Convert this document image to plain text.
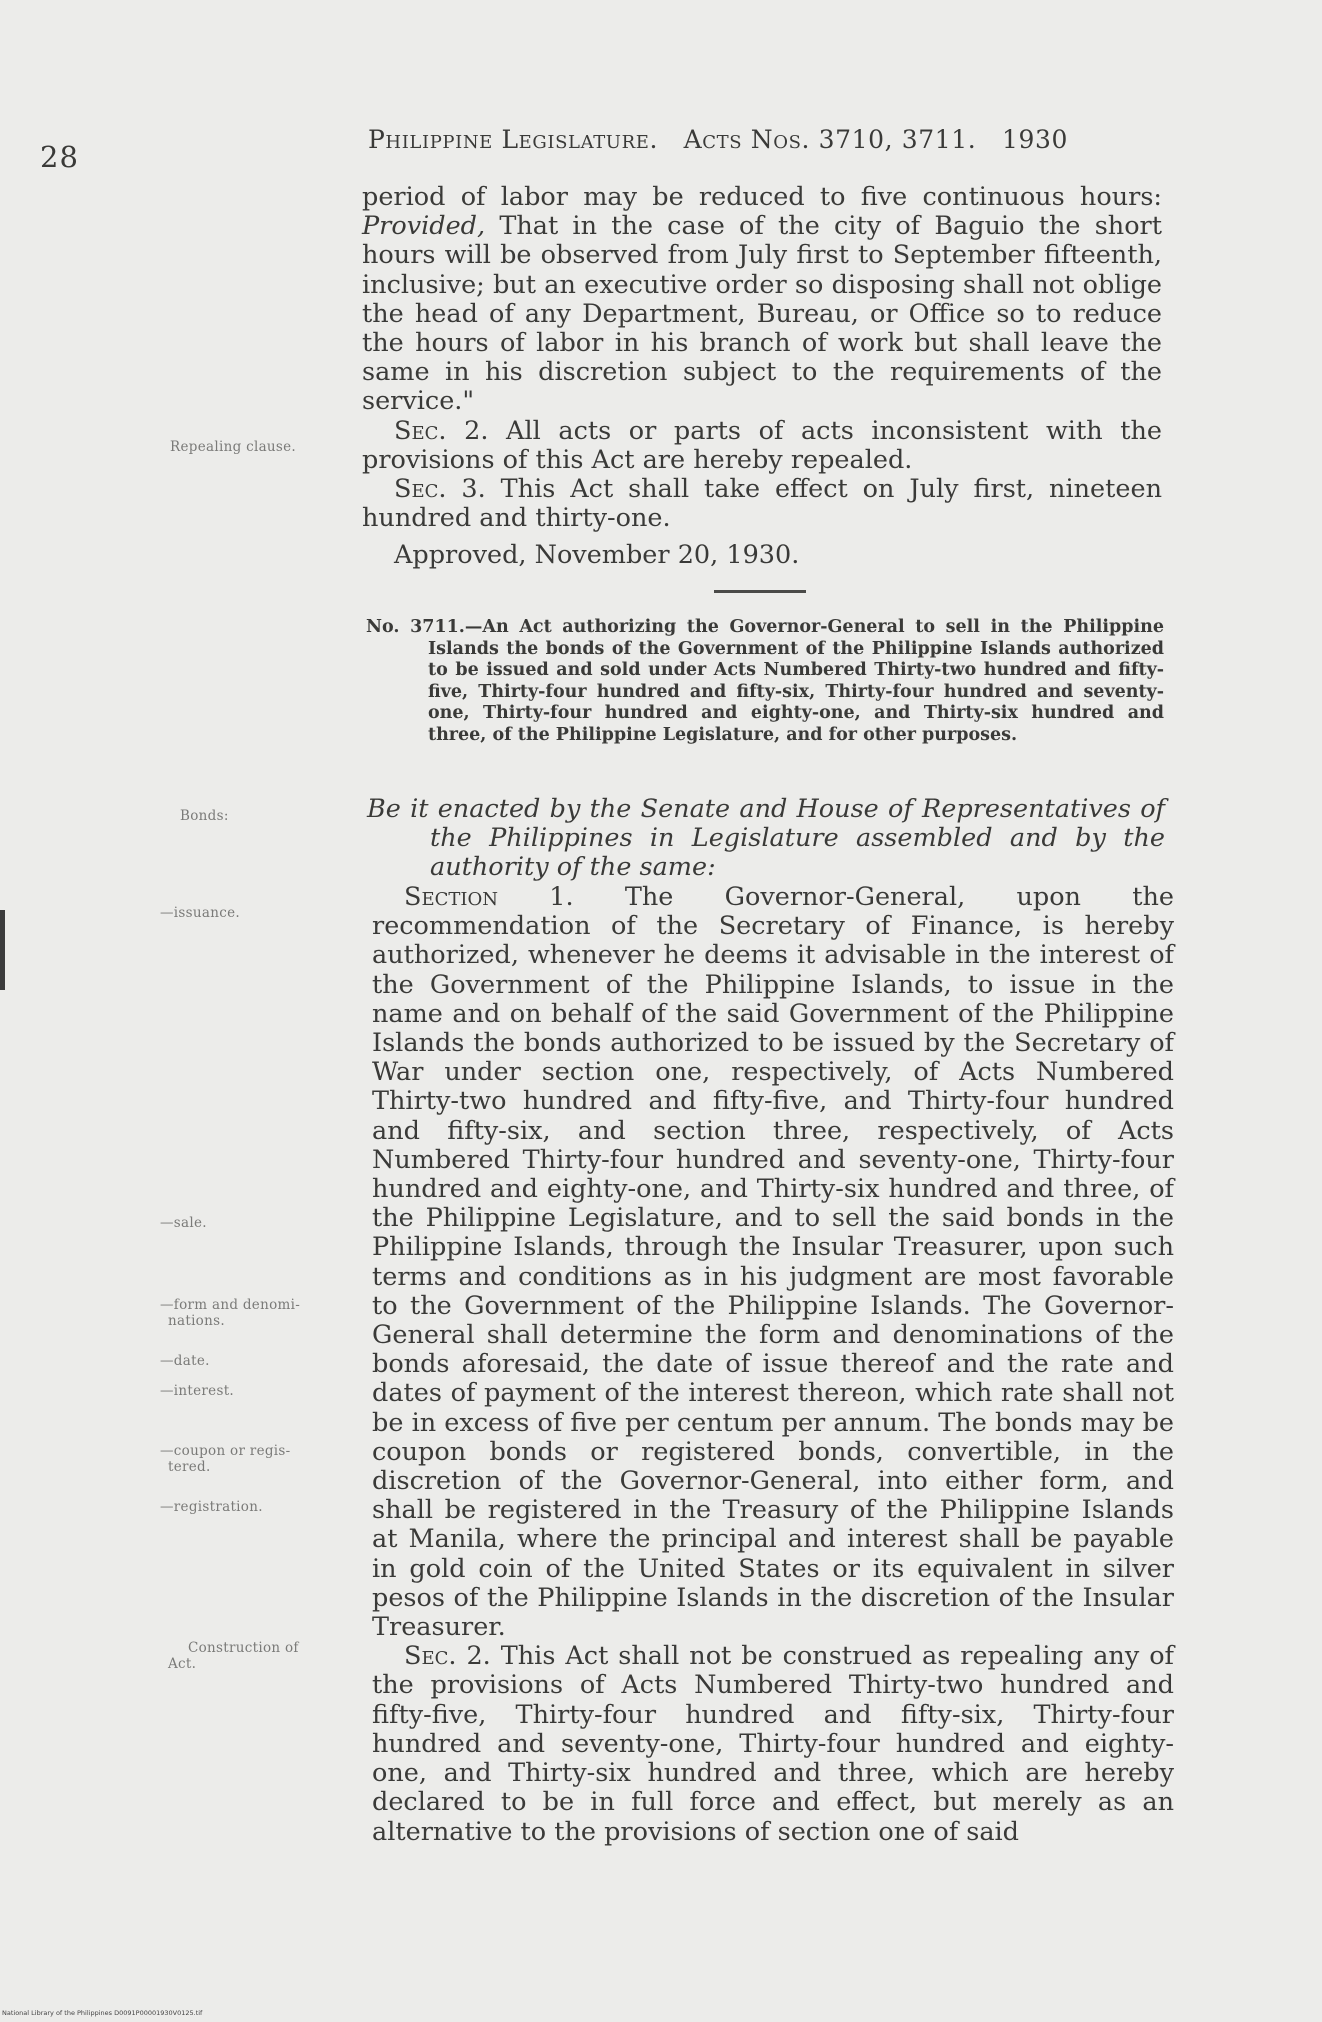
28
Philippine Legislature. Acts Nos. 3710, 3711. 1930

period of labor may be reduced to five continuous hours: Provided, That in the case of the city of Baguio the short hours will be observed from July first to September fifteenth, inclusive; but an executive order so disposing shall not oblige the head of any Department, Bureau, or Office so to reduce the hours of labor in his branch of work but shall leave the same in his discretion subject to the requirements of the service."

Sec. 2. All acts or parts of acts inconsistent with the provisions of this Act are hereby repealed.

Sec. 3. This Act shall take effect on July first, nineteen hundred and thirty-one.

Approved, November 20, 1930.

No. 3711.—An Act authorizing the Governor-General to sell in the Philippine Islands the bonds of the Government of the Philippine Islands authorized to be issued and sold under Acts Numbered Thirty-two hundred and fifty-five, Thirty-four hundred and fifty-six, Thirty-four hundred and seventy-one, Thirty-four hundred and eighty-one, and Thirty-six hundred and three, of the Philippine Legislature, and for other purposes.
Be it enacted by the Senate and House of Representatives of the Philippines in Legislature assembled and by the authority of the same:

Section 1. The Governor-General, upon the recommendation of the Secretary of Finance, is hereby authorized, whenever he deems it advisable in the interest of the Government of the Philippine Islands, to issue in the name and on behalf of the said Government of the Philippine Islands the bonds authorized to be issued by the Secretary of War under section one, respectively, of Acts Numbered Thirty-two hundred and fifty-five, and Thirty-four hundred and fifty-six, and section three, respectively, of Acts Numbered Thirty-four hundred and seventy-one, Thirty-four hundred and eighty-one, and Thirty-six hundred and three, of the Philippine Legislature, and to sell the said bonds in the Philippine Islands, through the Insular Treasurer, upon such terms and conditions as in his judgment are most favorable to the Government of the Philippine Islands. The Governor-General shall determine the form and denominations of the bonds aforesaid, the date of issue thereof and the rate and dates of payment of the interest thereon, which rate shall not be in excess of five per centum per annum. The bonds may be coupon bonds or registered bonds, convertible, in the discretion of the Governor-General, into either form, and shall be registered in the Treasury of the Philippine Islands at Manila, where the principal and interest shall be payable in gold coin of the United States or its equivalent in silver pesos of the Philippine Islands in the discretion of the Insular Treasurer.

Sec. 2. This Act shall not be construed as repealing any of the provisions of Acts Numbered Thirty-two hundred and fifty-five, Thirty-four hundred and fifty-six, Thirty-four hundred and seventy-one, Thirty-four hundred and eighty-one, and Thirty-six hundred and three, which are hereby declared to be in full force and effect, but merely as an alternative to the provisions of section one of said

Repealing clause.
Bonds:
—issuance.
—sale.
—form and denomi-
nations.
—date.
—interest.
—coupon or regis-
tered.
—registration.
Construction of
Act.
National Library of the Philippines D0091P00001930V0125.tif
